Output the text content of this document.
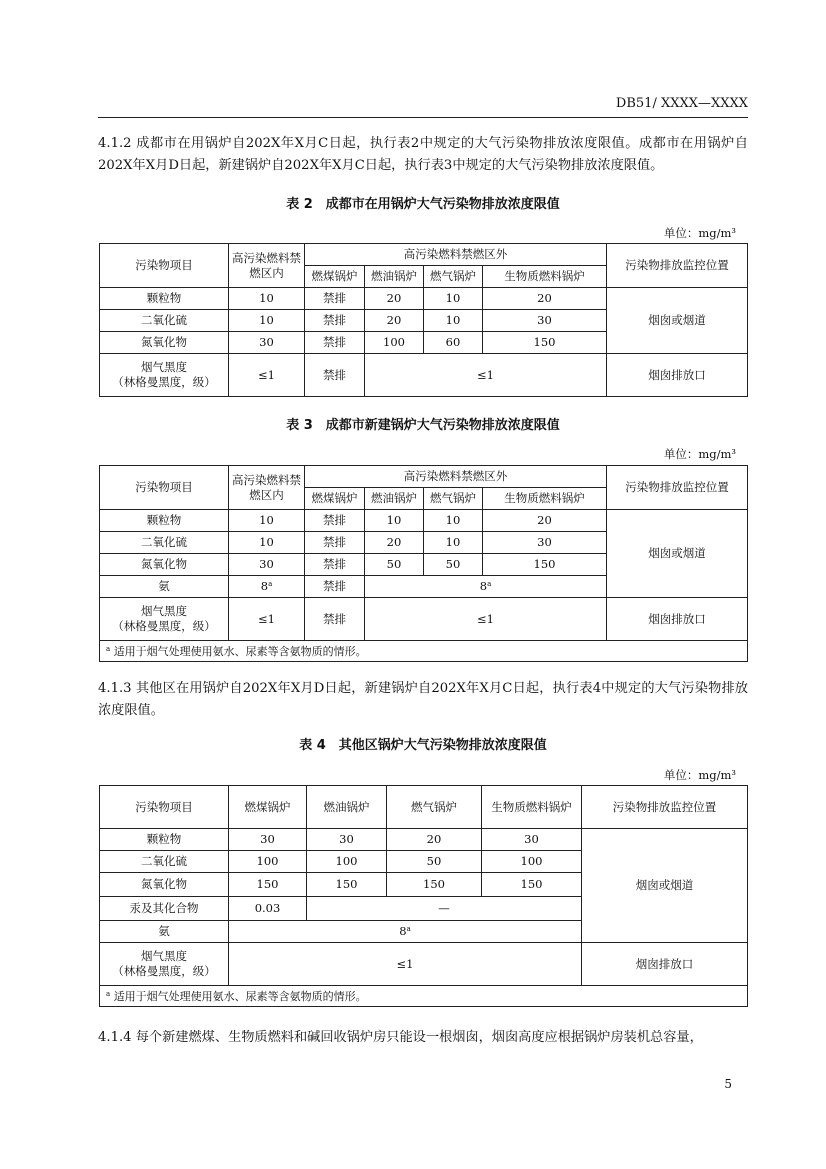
DB51/ XXXX—XXXX
4.1.2 成都市在用锅炉自202X年X月C日起，执行表2中规定的大气污染物排放浓度限值。成都市在用锅炉自202X年X月D日起，新建锅炉自202X年X月C日起，执行表3中规定的大气污染物排放浓度限值。
表 2　成都市在用锅炉大气污染物排放浓度限值
单位：mg/m³
污染物项目	高污染燃料禁燃区内	高污染燃料禁燃区外				污染物排放监控位置
		燃煤锅炉	燃油锅炉	燃气锅炉	生物质燃料锅炉	
颗粒物	10	禁排	20	10	20	烟囱或烟道
二氧化硫	10	禁排	20	10	30	
氮氧化物	30	禁排	100	60	150	

烟气黑度
（林格曼黑度，级）	≤1	禁排	≤1			烟囱排放口
表 3　成都市新建锅炉大气污染物排放浓度限值
单位：mg/m³
污染物项目	高污染燃料禁燃区内	高污染燃料禁燃区外				污染物排放监控位置
		燃煤锅炉	燃油锅炉	燃气锅炉	生物质燃料锅炉	
颗粒物	10	禁排	10	10	20	烟囱或烟道
二氧化硫	10	禁排	20	10	30	
氮氧化物	30	禁排	50	50	150	
氨	8$^a$	禁排	8$^a$

烟气黑度
（林格曼黑度，级）	≤1	禁排	≤1			烟囱排放口
$^a$ 适用于烟气处理使用氨水、尿素等含氨物质的情形。						
4.1.3 其他区在用锅炉自202X年X月D日起，新建锅炉自202X年X月C日起，执行表4中规定的大气污染物排放浓度限值。
表 4　其他区锅炉大气污染物排放浓度限值
单位：mg/m³
污染物项目	燃煤锅炉	燃油锅炉	燃气锅炉	生物质燃料锅炉	污染物排放监控位置
颗粒物	30	30	20	30	烟囱或烟道
二氧化硫	100	100	50	100	
氮氧化物	150	150	150	150	
汞及其化合物	0.03	—			
氨	8$^a$

烟气黑度
（林格曼黑度，级）	≤1				烟囱排放口
$^a$ 适用于烟气处理使用氨水、尿素等含氨物质的情形。					
4.1.4 每个新建燃煤、生物质燃料和碱回收锅炉房只能设一根烟囱，烟囱高度应根据锅炉房装机总容量，
5
